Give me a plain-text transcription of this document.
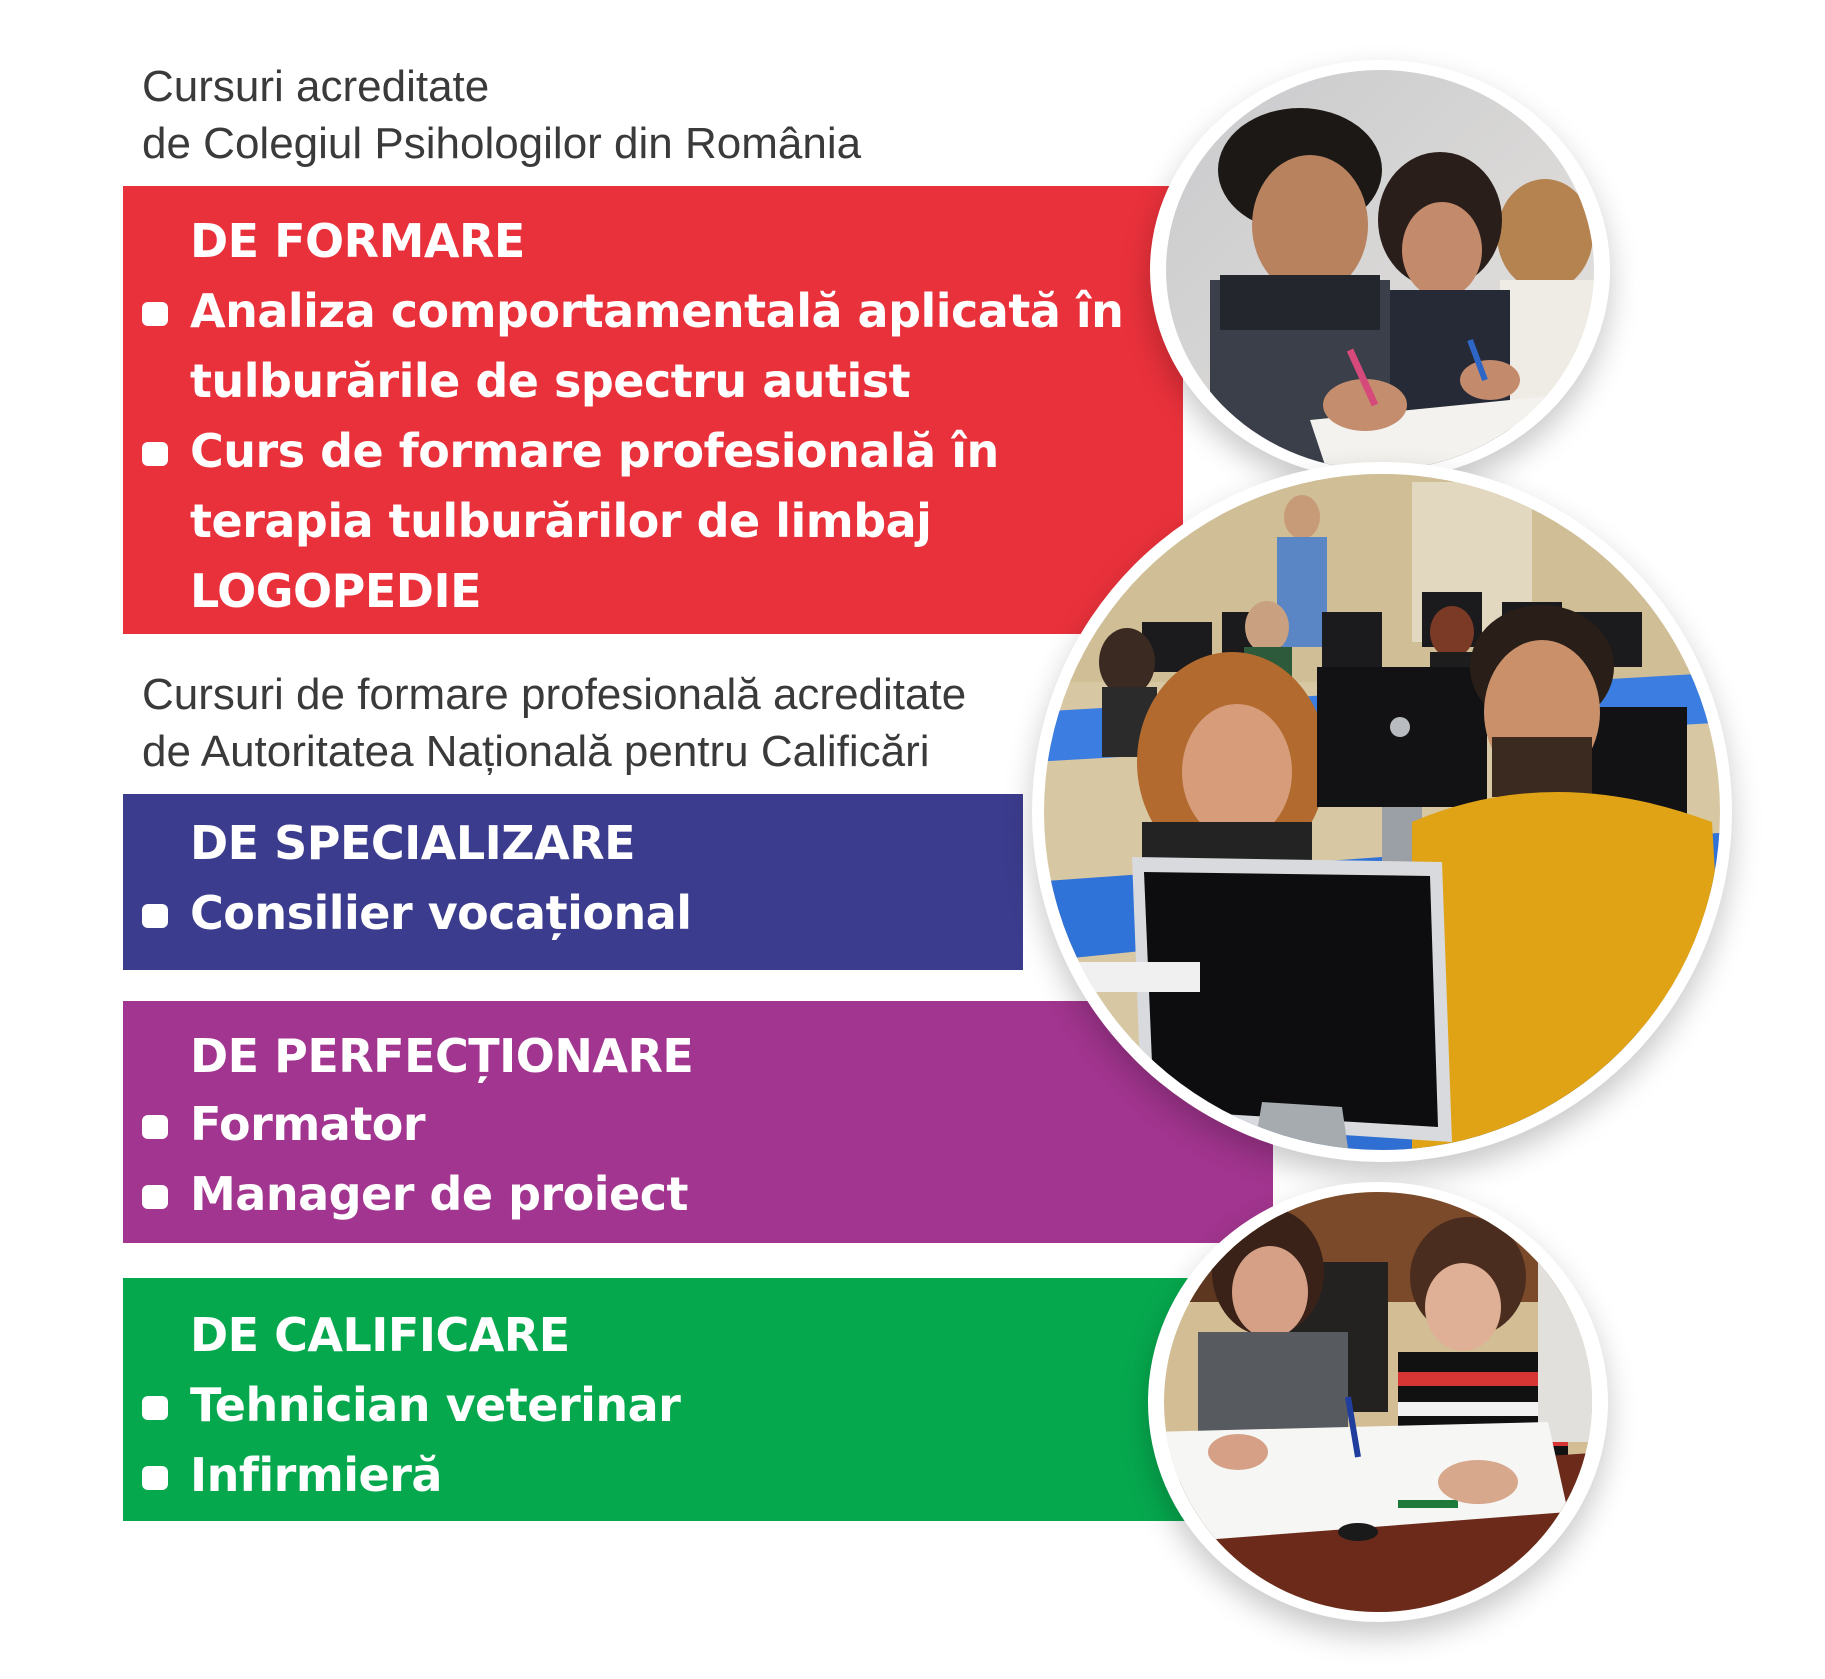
Cursuri acreditate
de Colegiul Psihologilor din România
DE FORMARE
Analiza comportamentală aplicată în
tulburările de spectru autist
Curs de formare profesională în
terapia tulburărilor de limbaj
LOGOPEDIE
Cursuri de formare profesională acreditate
de Autoritatea Națională pentru Calificări
DE SPECIALIZARE
Consilier vocațional
DE PERFECȚIONARE
Formator
Manager de proiect
DE CALIFICARE
Tehnician veterinar
Infirmieră
